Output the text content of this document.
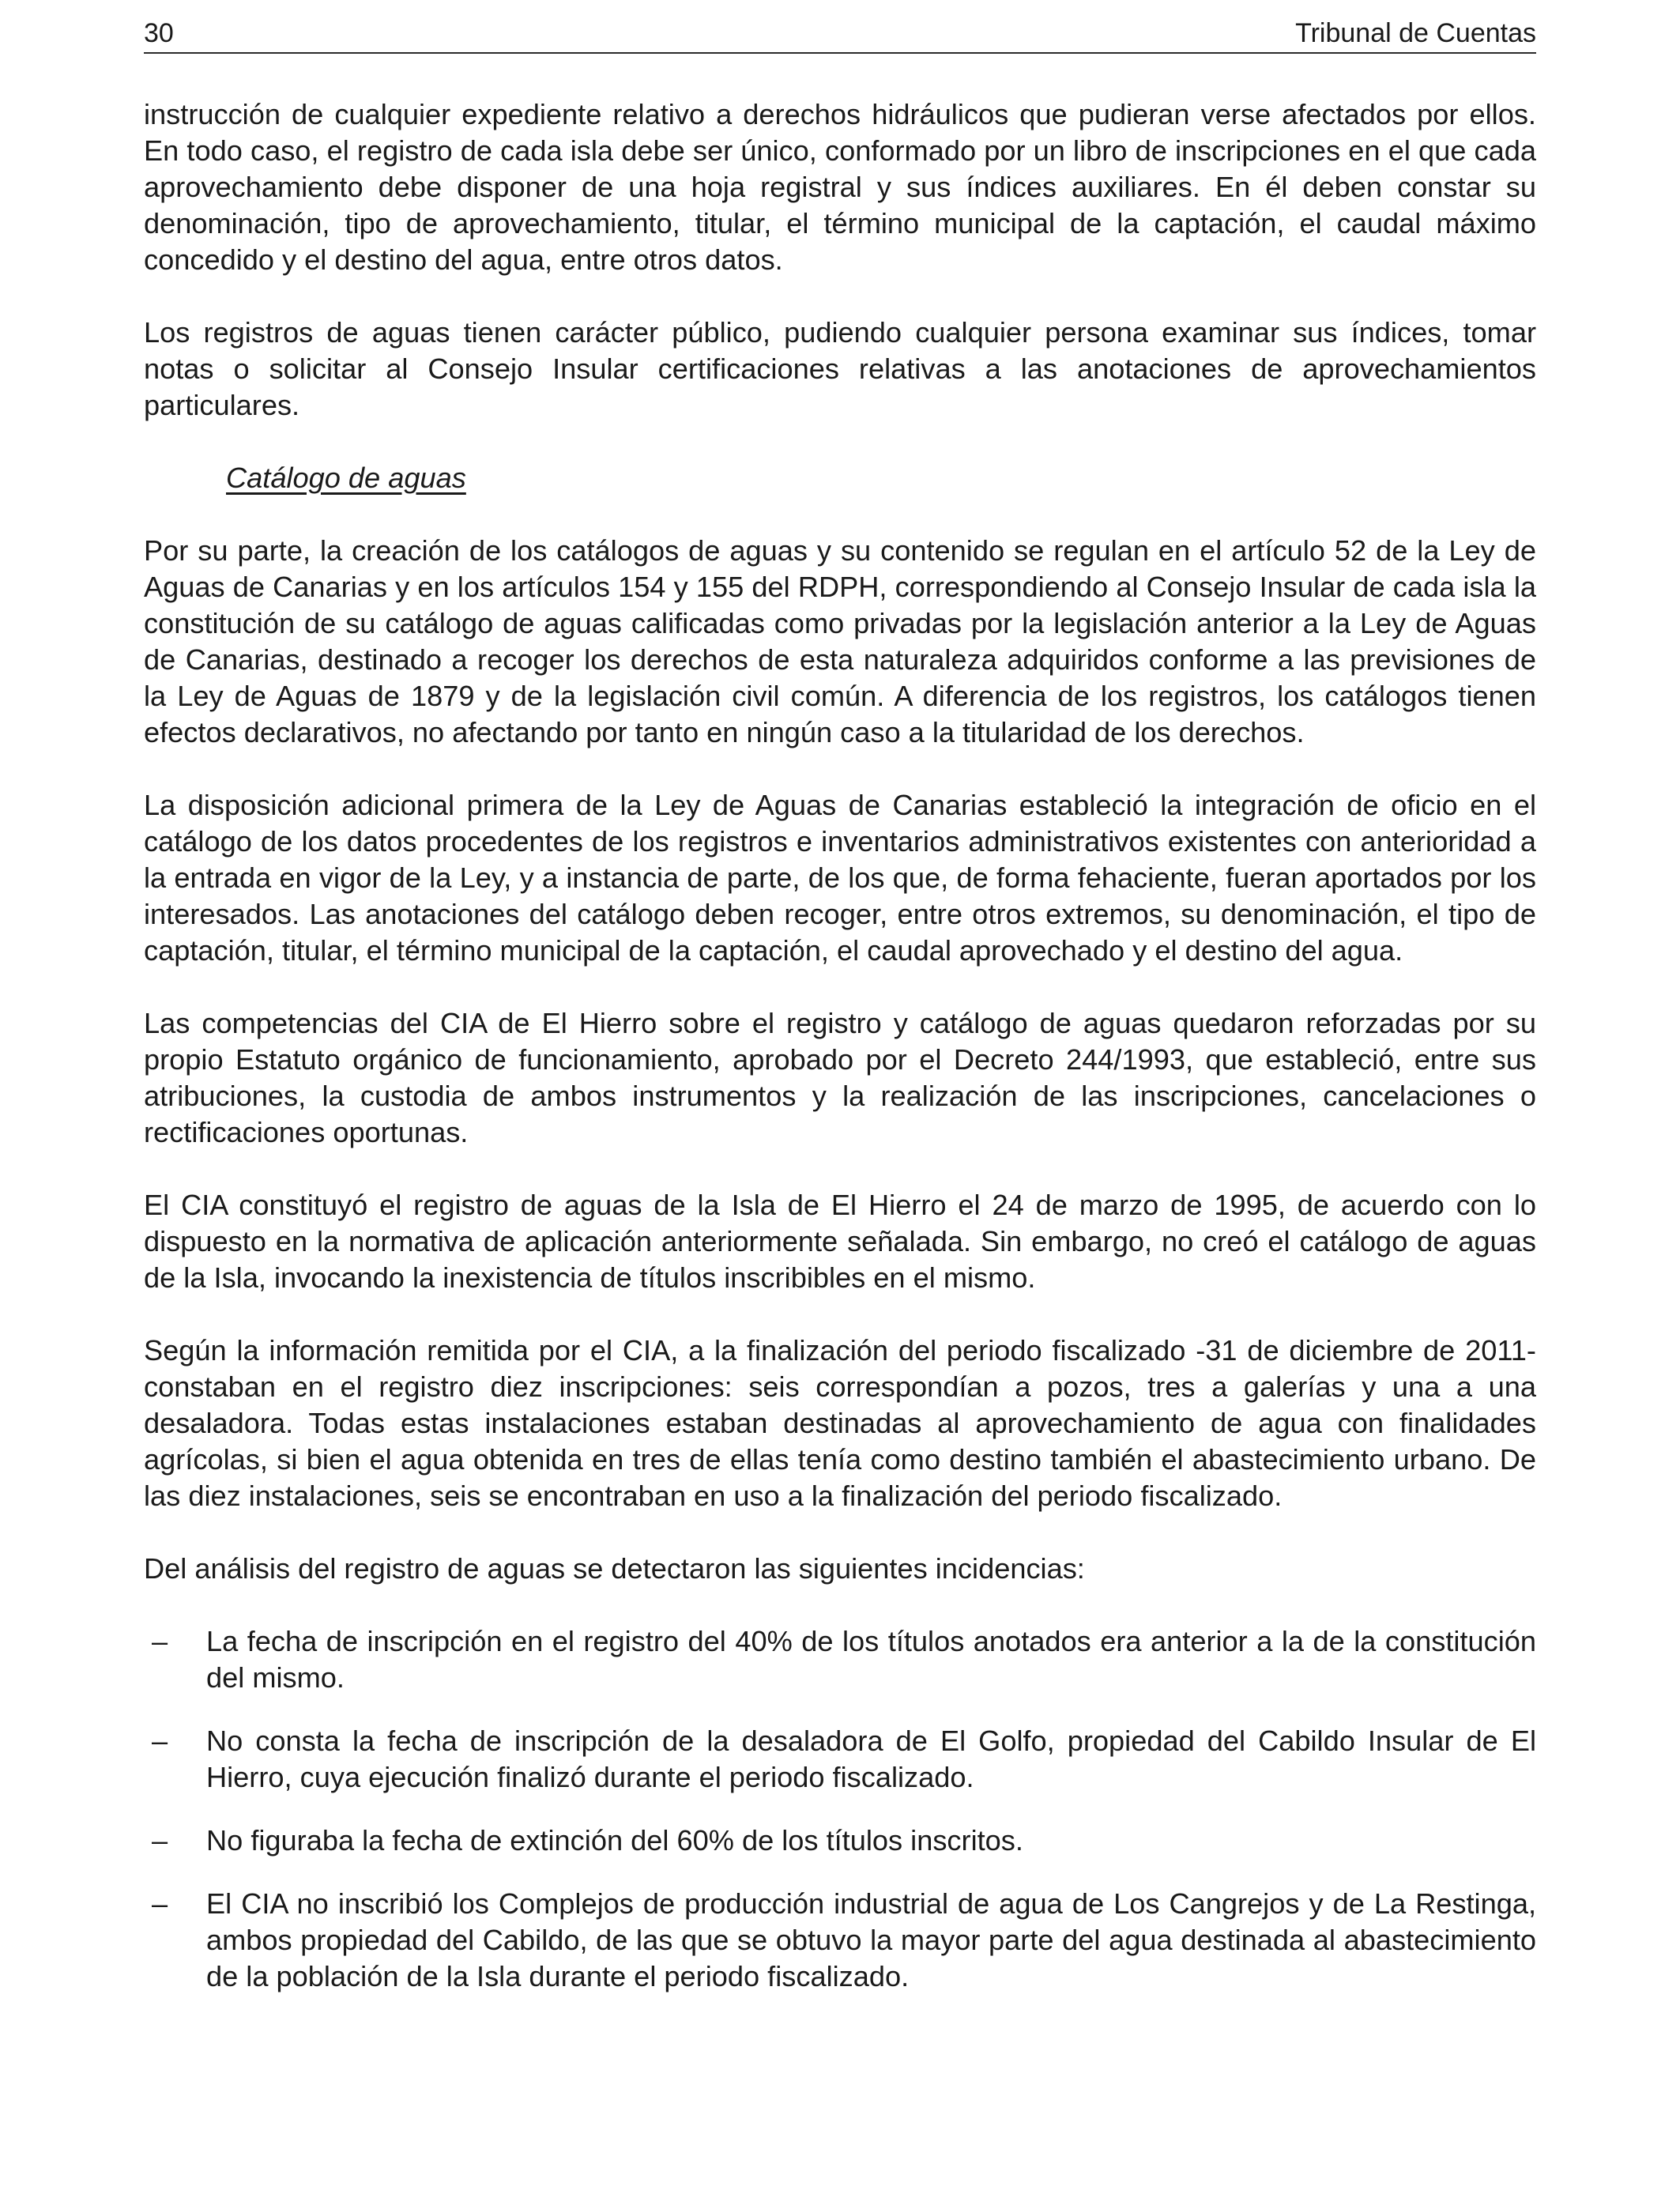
30	Tribunal de Cuentas

instrucción de cualquier expediente relativo a derechos hidráulicos que pudieran verse afectados por ellos. En todo caso, el registro de cada isla debe ser único, conformado por un libro de inscripciones en el que cada aprovechamiento debe disponer de una hoja registral y sus índices auxiliares. En él deben constar su denominación, tipo de aprovechamiento, titular, el término municipal de la captación, el caudal máximo concedido y el destino del agua, entre otros datos.

Los registros de aguas tienen carácter público, pudiendo cualquier persona examinar sus índices, tomar notas o solicitar al Consejo Insular certificaciones relativas a las anotaciones de aprovechamientos particulares.

Catálogo de aguas

Por su parte, la creación de los catálogos de aguas y su contenido se regulan en el artículo 52 de la Ley de Aguas de Canarias y en los artículos 154 y 155 del RDPH, correspondiendo al Consejo Insular de cada isla la constitución de su catálogo de aguas calificadas como privadas por la legislación anterior a la Ley de Aguas de Canarias, destinado a recoger los derechos de esta naturaleza adquiridos conforme a las previsiones de la Ley de Aguas de 1879 y de la legislación civil común. A diferencia de los registros, los catálogos tienen efectos declarativos, no afectando por tanto en ningún caso a la titularidad de los derechos.

La disposición adicional primera de la Ley de Aguas de Canarias estableció la integración de oficio en el catálogo de los datos procedentes de los registros e inventarios administrativos existentes con anterioridad a la entrada en vigor de la Ley, y a instancia de parte, de los que, de forma fehaciente, fueran aportados por los interesados. Las anotaciones del catálogo deben recoger, entre otros extremos, su denominación, el tipo de captación, titular, el término municipal de la captación, el caudal aprovechado y el destino del agua.

Las competencias del CIA de El Hierro sobre el registro y catálogo de aguas quedaron reforzadas por su propio Estatuto orgánico de funcionamiento, aprobado por el Decreto 244/1993, que estableció, entre sus atribuciones, la custodia de ambos instrumentos y la realización de las inscripciones, cancelaciones o rectificaciones oportunas.

El CIA constituyó el registro de aguas de la Isla de El Hierro el 24 de marzo de 1995, de acuerdo con lo dispuesto en la normativa de aplicación anteriormente señalada. Sin embargo, no creó el catálogo de aguas de la Isla, invocando la inexistencia de títulos inscribibles en el mismo.

Según la información remitida por el CIA, a la finalización del periodo fiscalizado -31 de diciembre de 2011- constaban en el registro diez inscripciones: seis correspondían a pozos, tres a galerías y una a una desaladora. Todas estas instalaciones estaban destinadas al aprovechamiento de agua con finalidades agrícolas, si bien el agua obtenida en tres de ellas tenía como destino también el abastecimiento urbano. De las diez instalaciones, seis se encontraban en uso a la finalización del periodo fiscalizado.

Del análisis del registro de aguas se detectaron las siguientes incidencias:

– La fecha de inscripción en el registro del 40% de los títulos anotados era anterior a la de la constitución del mismo.
– No consta la fecha de inscripción de la desaladora de El Golfo, propiedad del Cabildo Insular de El Hierro, cuya ejecución finalizó durante el periodo fiscalizado.
– No figuraba la fecha de extinción del 60% de los títulos inscritos.
– El CIA no inscribió los Complejos de producción industrial de agua de Los Cangrejos y de La Restinga, ambos propiedad del Cabildo, de las que se obtuvo la mayor parte del agua destinada al abastecimiento de la población de la Isla durante el periodo fiscalizado.
